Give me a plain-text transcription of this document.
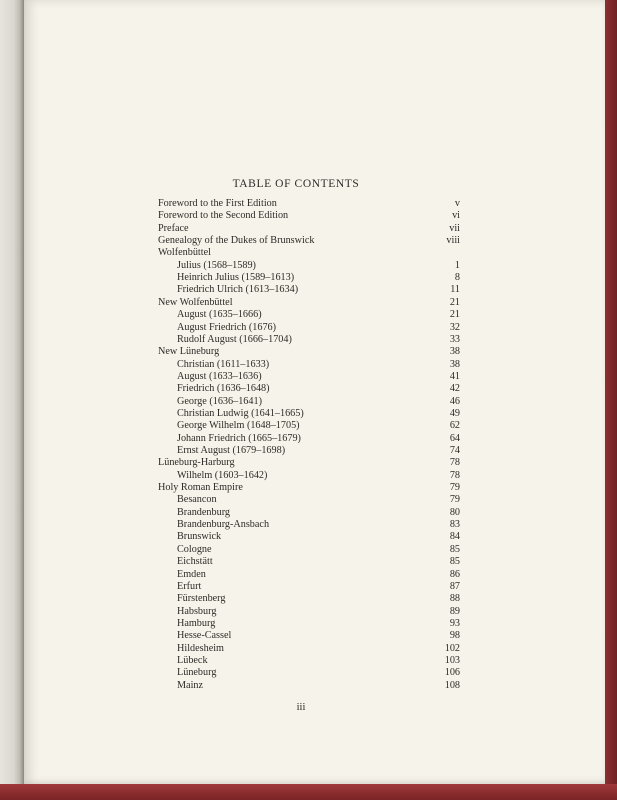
TABLE OF CONTENTS
Foreword to the First Edition	v
Foreword to the Second Edition	vi
Preface	vii
Genealogy of the Dukes of Brunswick	viii
Wolfenbüttel
Julius (1568–1589)	1
Heinrich Julius (1589–1613)	8
Friedrich Ulrich (1613–1634)	11
New Wolfenbüttel	21
August (1635–1666)	21
August Friedrich (1676)	32
Rudolf August (1666–1704)	33
New Lüneburg	38
Christian (1611–1633)	38
August (1633–1636)	41
Friedrich (1636–1648)	42
George (1636–1641)	46
Christian Ludwig (1641–1665)	49
George Wilhelm (1648–1705)	62
Johann Friedrich (1665–1679)	64
Ernst August (1679–1698)	74
Lüneburg-Harburg	78
Wilhelm (1603–1642)	78
Holy Roman Empire	79
Besancon	79
Brandenburg	80
Brandenburg-Ansbach	83
Brunswick	84
Cologne	85
Eichstätt	85
Emden	86
Erfurt	87
Fürstenberg	88
Habsburg	89
Hamburg	93
Hesse-Cassel	98
Hildesheim	102
Lübeck	103
Lüneburg	106
Mainz	108
iii
